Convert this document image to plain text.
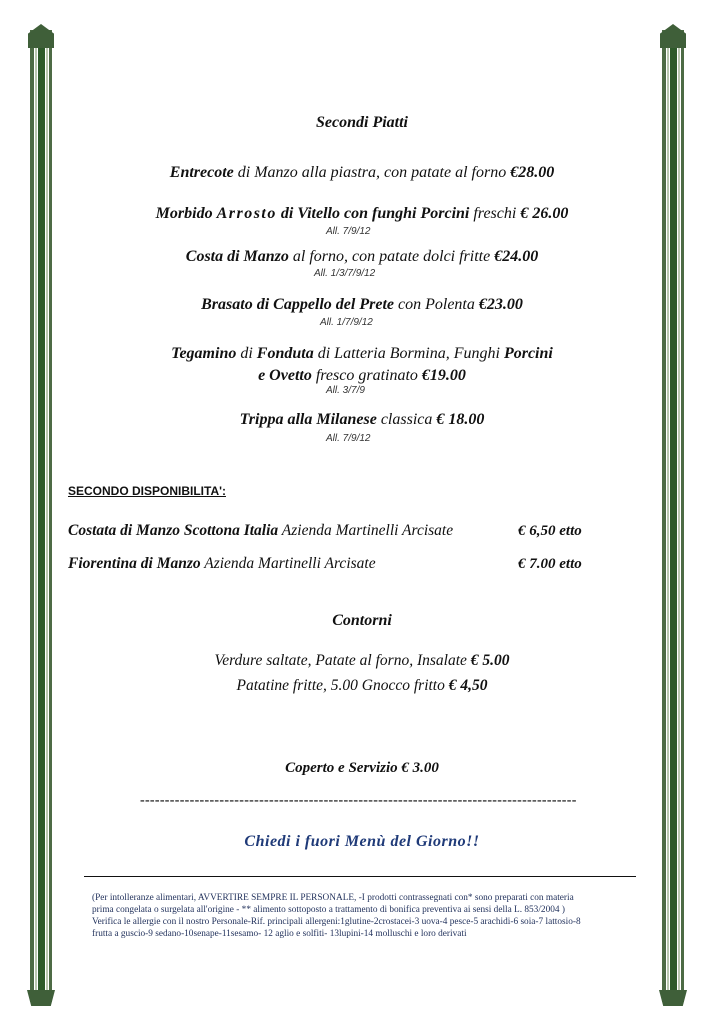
Secondi Piatti
Entrecote di Manzo alla piastra, con patate al forno €28.00
Morbido Arrosto di Vitello con funghi Porcini freschi € 26.00
All. 7/9/12
Costa di Manzo al forno, con patate dolci fritte €24.00
All. 1/3/7/9/12
Brasato di Cappello del Prete con Polenta €23.00
All. 1/7/9/12
Tegamino di Fonduta di Latteria Bormina, Funghi Porcini
e Ovetto fresco gratinato €19.00
All. 3/7/9
Trippa alla Milanese classica € 18.00
All. 7/9/12
SECONDO DISPONIBILITA':
Costata di Manzo Scottona Italia Azienda Martinelli Arcisate	€ 6,50 etto
Fiorentina di Manzo Azienda Martinelli Arcisate	€ 7.00 etto
Contorni
Verdure saltate, Patate al forno, Insalate € 5.00
Patatine fritte, 5.00 Gnocco fritto € 4,50
Coperto e Servizio € 3.00
----------------------------------------------------------------------------------------
Chiedi i fuori Menù del Giorno!!
(Per intolleranze alimentari, AVVERTIRE SEMPRE IL PERSONALE, -I prodotti contrassegnati con* sono preparati con materia
prima congelata o surgelata all'origine - ** alimento sottoposto a trattamento di bonifica preventiva ai sensi della L. 853/2004 )
Verifica le allergie con il nostro Personale-Rif. principali allergeni:1glutine-2crostacei-3 uova-4 pesce-5 arachidi-6 soia-7 lattosio-8
frutta a guscio-9 sedano-10senape-11sesamo- 12 aglio e solfiti- 13lupini-14 molluschi e loro derivati
